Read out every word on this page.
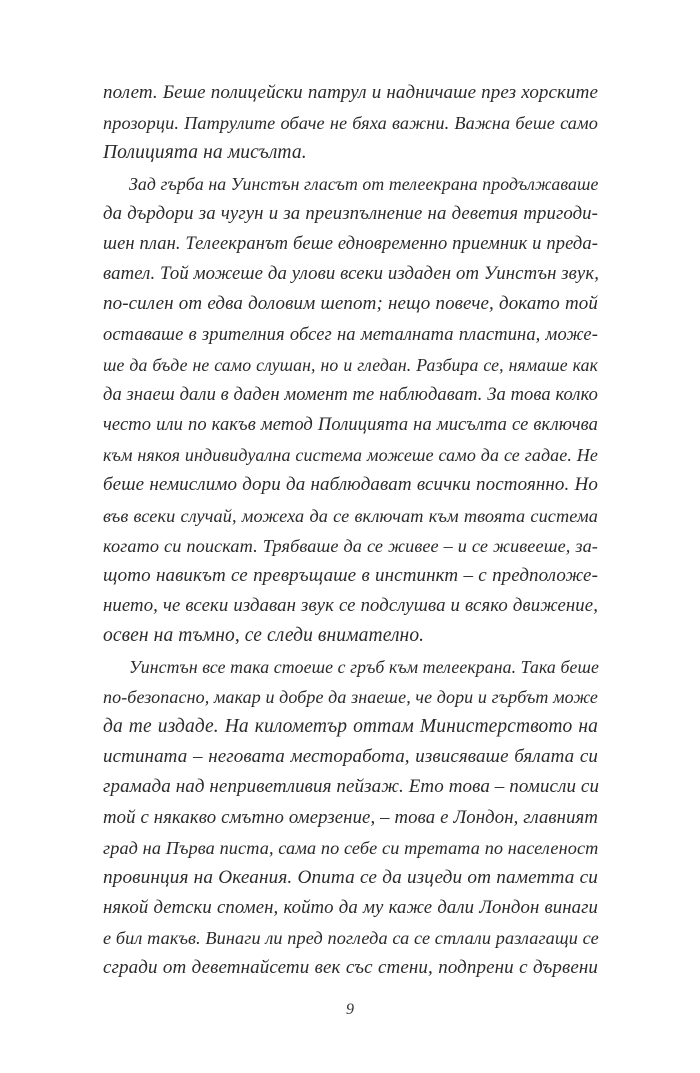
полет. Беше полицейски патрул и надничаше през хорските
прозорци. Патрулите обаче не бяха важни. Важна беше само
Полицията на мисълта.
Зад гърба на Уинстън гласът от телеекрана продължаваше
да дърдори за чугун и за преизпълнение на деветия тригоди-
шен план. Телеекранът беше едновременно приемник и преда-
вател. Той можеше да улови всеки издаден от Уинстън звук,
по-силен от едва доловим шепот; нещо повече, докато той
оставаше в зрителния обсег на металната пластина, може-
ше да бъде не само слушан, но и гледан. Разбира се, нямаше как
да знаеш дали в даден момент те наблюдават. За това колко
често или по какъв метод Полицията на мисълта се включва
към някоя индивидуална система можеше само да се гадае. Не
беше немислимо дори да наблюдават всички постоянно. Но
във всеки случай, можеха да се включат към твоята система
когато си поискат. Трябваше да се живее – и се живееше, за-
щото навикът се превръщаше в инстинкт – с предположе-
нието, че всеки издаван звук се подслушва и всяко движение,
освен на тъмно, се следи внимателно.
Уинстън все така стоеше с гръб към телеекрана. Така беше
по-безопасно, макар и добре да знаеше, че дори и гърбът може
да те издаде. На километър оттам Министерството на
истината – неговата месторабота, извисяваше бялата си
грамада над неприветливия пейзаж. Ето това – помисли си
той с някакво смътно омерзение, – това е Лондон, главният
град на Първа писта, сама по себе си третата по населеност
провинция на Океания. Опита се да изцеди от паметта си
някой детски спомен, който да му каже дали Лондон винаги
е бил такъв. Винаги ли пред погледа са се стлали разлагащи се
сгради от деветнайсети век със стени, подпрени с дървени
9
